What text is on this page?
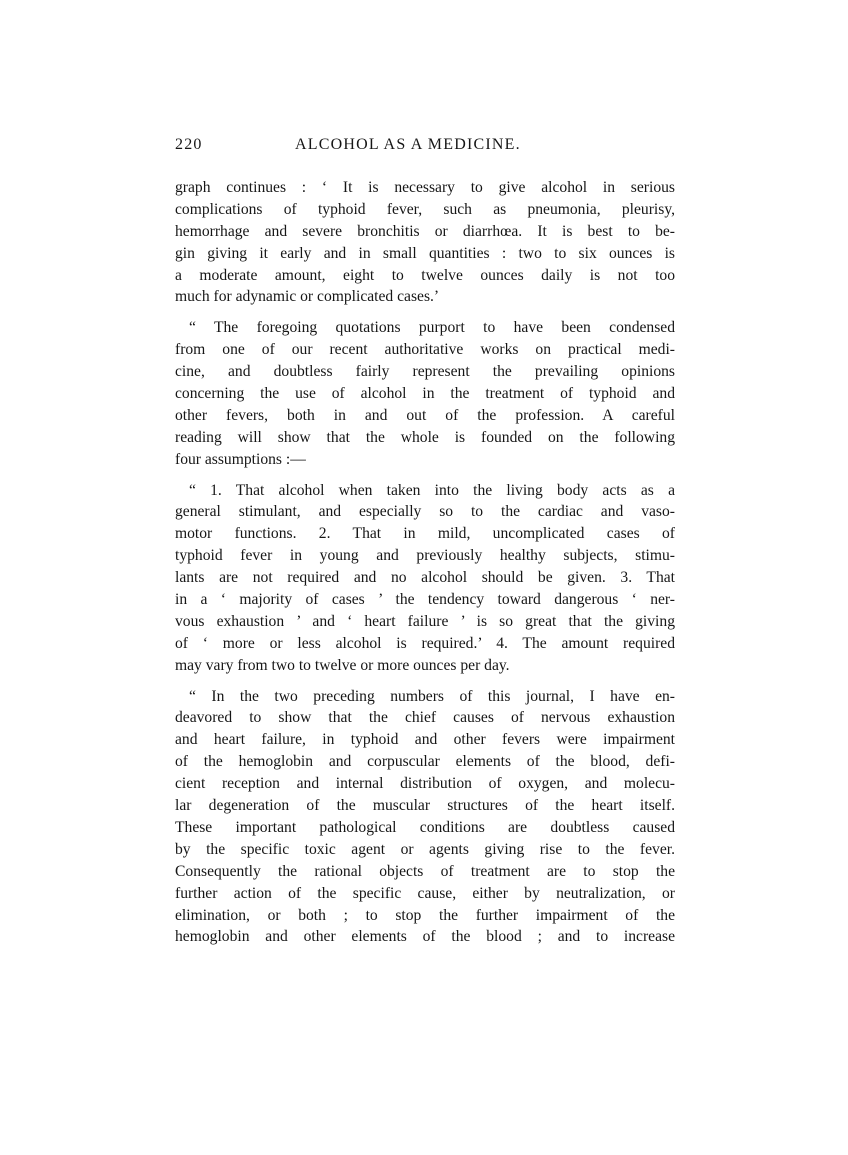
220	ALCOHOL AS A MEDICINE.
graph continues : ‘ It is necessary to give alcohol in serious
complications of typhoid fever, such as pneumonia, pleurisy,
hemorrhage and severe bronchitis or diarrhœa. It is best to be-
gin giving it early and in small quantities : two to six ounces is
a moderate amount, eight to twelve ounces daily is not too
much for adynamic or complicated cases.’
“ The foregoing quotations purport to have been condensed
from one of our recent authoritative works on practical medi-
cine, and doubtless fairly represent the prevailing opinions
concerning the use of alcohol in the treatment of typhoid and
other fevers, both in and out of the profession. A careful
reading will show that the whole is founded on the following
four assumptions :—
“ 1. That alcohol when taken into the living body acts as a
general stimulant, and especially so to the cardiac and vaso-
motor functions. 2. That in mild, uncomplicated cases of
typhoid fever in young and previously healthy subjects, stimu-
lants are not required and no alcohol should be given. 3. That
in a ‘ majority of cases ’ the tendency toward dangerous ‘ ner-
vous exhaustion ’ and ‘ heart failure ’ is so great that the giving
of ‘ more or less alcohol is required.’ 4. The amount required
may vary from two to twelve or more ounces per day.
“ In the two preceding numbers of this journal, I have en-
deavored to show that the chief causes of nervous exhaustion
and heart failure, in typhoid and other fevers were impairment
of the hemoglobin and corpuscular elements of the blood, defi-
cient reception and internal distribution of oxygen, and molecu-
lar degeneration of the muscular structures of the heart itself.
These important pathological conditions are doubtless caused
by the specific toxic agent or agents giving rise to the fever.
Consequently the rational objects of treatment are to stop the
further action of the specific cause, either by neutralization, or
elimination, or both ; to stop the further impairment of the
hemoglobin and other elements of the blood ; and to increase
